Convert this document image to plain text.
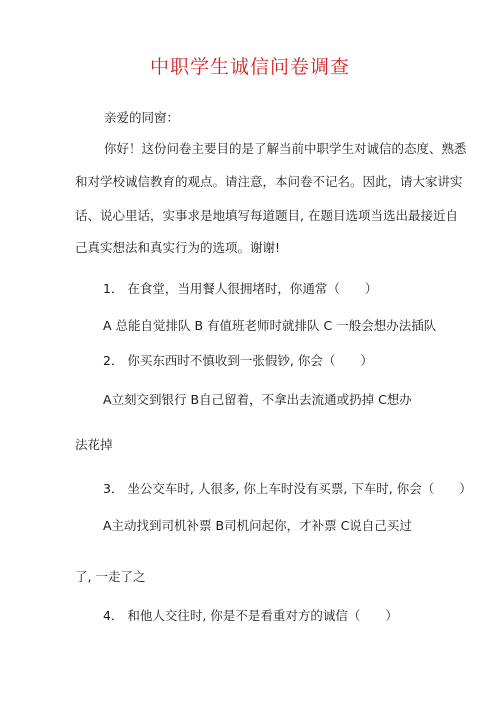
中职学生诚信问卷调查
亲爱的同窗：
你好！这份问卷主要目的是了解当前中职学生对诚信的态度、熟悉
和对学校诚信教育的观点。请注意，本问卷不记名。因此，请大家讲实
话、说心里话，实事求是地填写每道题目, 在题目选项当选出最接近自
己真实想法和真实行为的选项。谢谢!
1． 在食堂，当用餐人很拥堵时，你通常（　　）
A 总能自觉排队 B 有值班老师时就排队 C 一般会想办法插队
2． 你买东西时不慎收到一张假钞, 你会（　　）
A立刻交到银行 B自己留着，不拿出去流通或扔掉 C想办
法花掉
3． 坐公交车时, 人很多, 你上车时没有买票, 下车时, 你会（　　）
A主动找到司机补票 B司机问起你，才补票 C说自己买过
了, 一走了之
4． 和他人交往时, 你是不是看重对方的诚信（　　）
